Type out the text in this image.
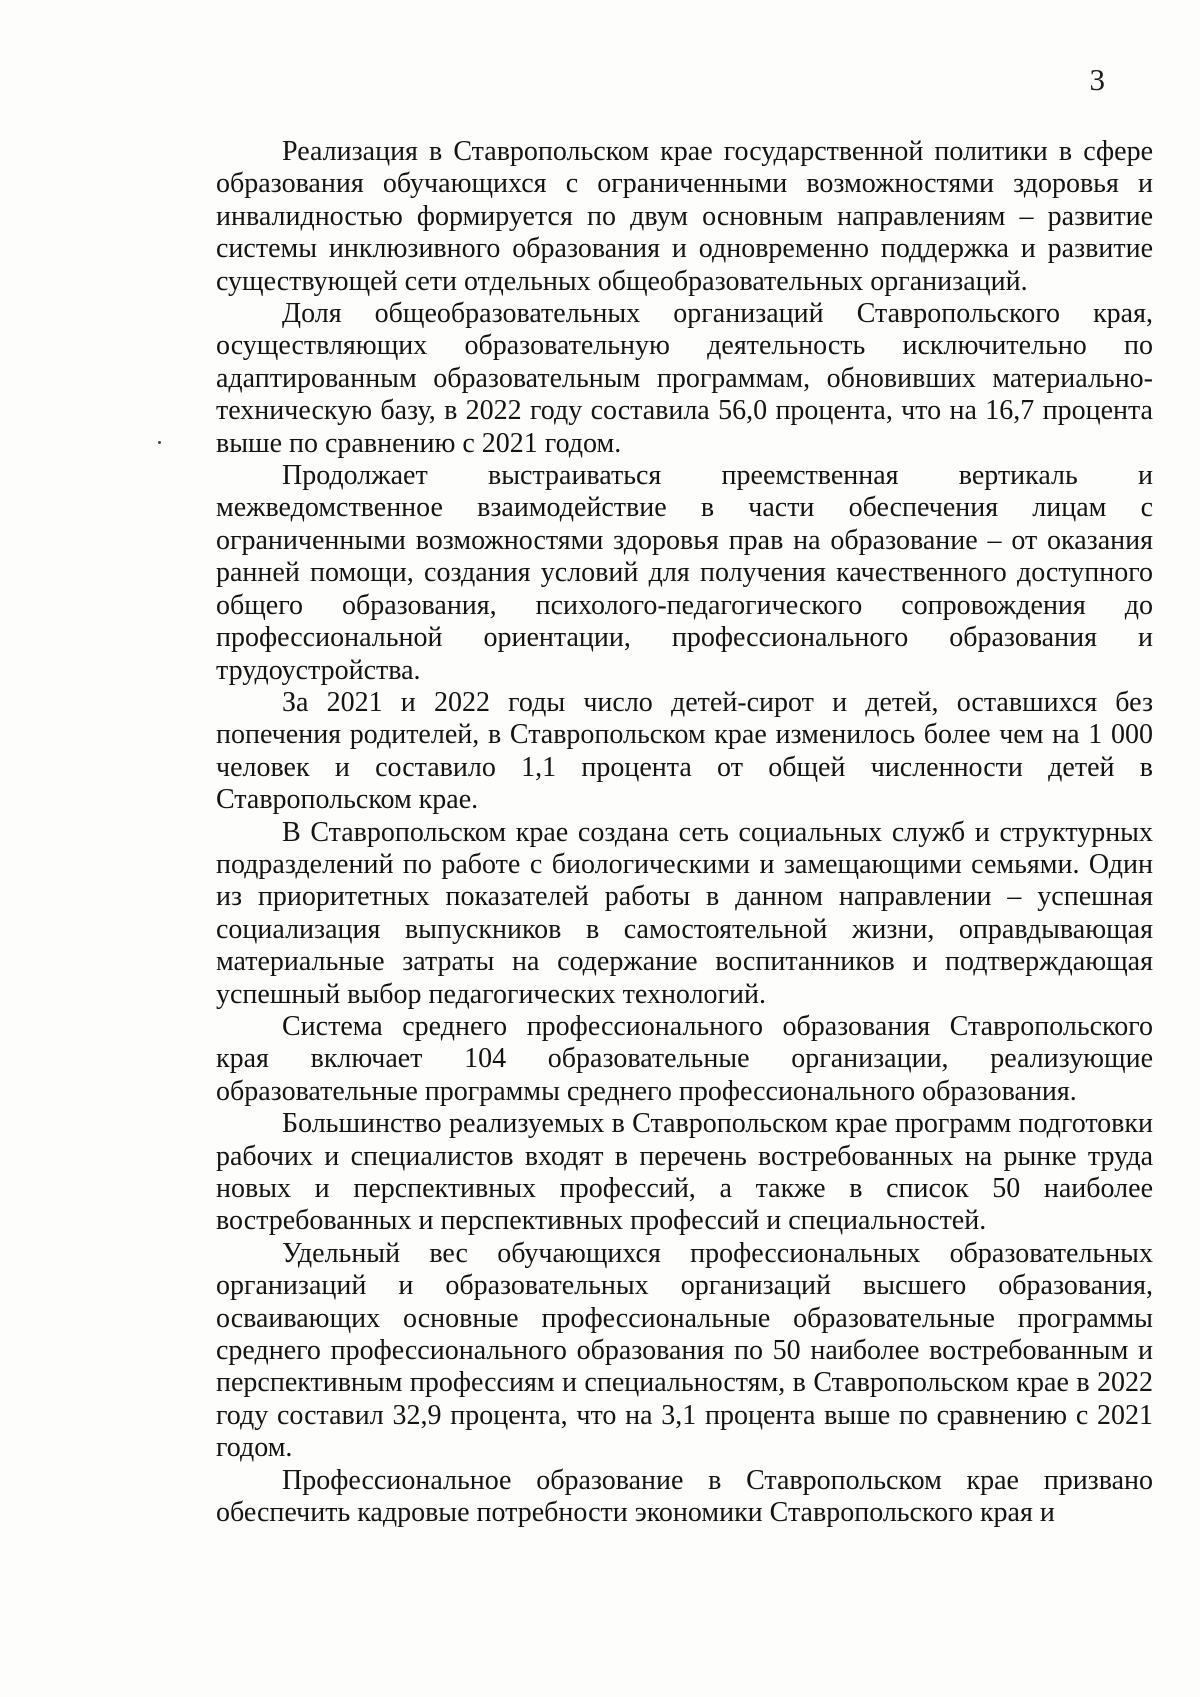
3

Реализация в Ставропольском крае государственной политики в сфере образования обучающихся с ограниченными возможностями здоровья и инвалидностью формируется по двум основным направлениям – развитие системы инклюзивного образования и одновременно поддержка и развитие существующей сети отдельных общеобразовательных организаций.

Доля общеобразовательных организаций Ставропольского края, осуществляющих образовательную деятельность исключительно по адаптированным образовательным программам, обновивших материально-техническую базу, в 2022 году составила 56,0 процента, что на 16,7 процента выше по сравнению с 2021 годом.

Продолжает выстраиваться преемственная вертикаль и межведомственное взаимодействие в части обеспечения лицам с ограниченными возможностями здоровья прав на образование – от оказания ранней помощи, создания условий для получения качественного доступного общего образования, психолого-педагогического сопровождения до профессиональной ориентации, профессионального образования и трудоустройства.

За 2021 и 2022 годы число детей-сирот и детей, оставшихся без попечения родителей, в Ставропольском крае изменилось более чем на 1 000 человек и составило 1,1 процента от общей численности детей в Ставропольском крае.

В Ставропольском крае создана сеть социальных служб и структурных подразделений по работе с биологическими и замещающими семьями. Один из приоритетных показателей работы в данном направлении – успешная социализация выпускников в самостоятельной жизни, оправдывающая материальные затраты на содержание воспитанников и подтверждающая успешный выбор педагогических технологий.

Система среднего профессионального образования Ставропольского края включает 104 образовательные организации, реализующие образовательные программы среднего профессионального образования.

Большинство реализуемых в Ставропольском крае программ подготовки рабочих и специалистов входят в перечень востребованных на рынке труда новых и перспективных профессий, а также в список 50 наиболее востребованных и перспективных профессий и специальностей.

Удельный вес обучающихся профессиональных образовательных организаций и образовательных организаций высшего образования, осваивающих основные профессиональные образовательные программы среднего профессионального образования по 50 наиболее востребованным и перспективным профессиям и специальностям, в Ставропольском крае в 2022 году составил 32,9 процента, что на 3,1 процента выше по сравнению с 2021 годом.

Профессиональное образование в Ставропольском крае призвано обеспечить кадровые потребности экономики Ставропольского края и
